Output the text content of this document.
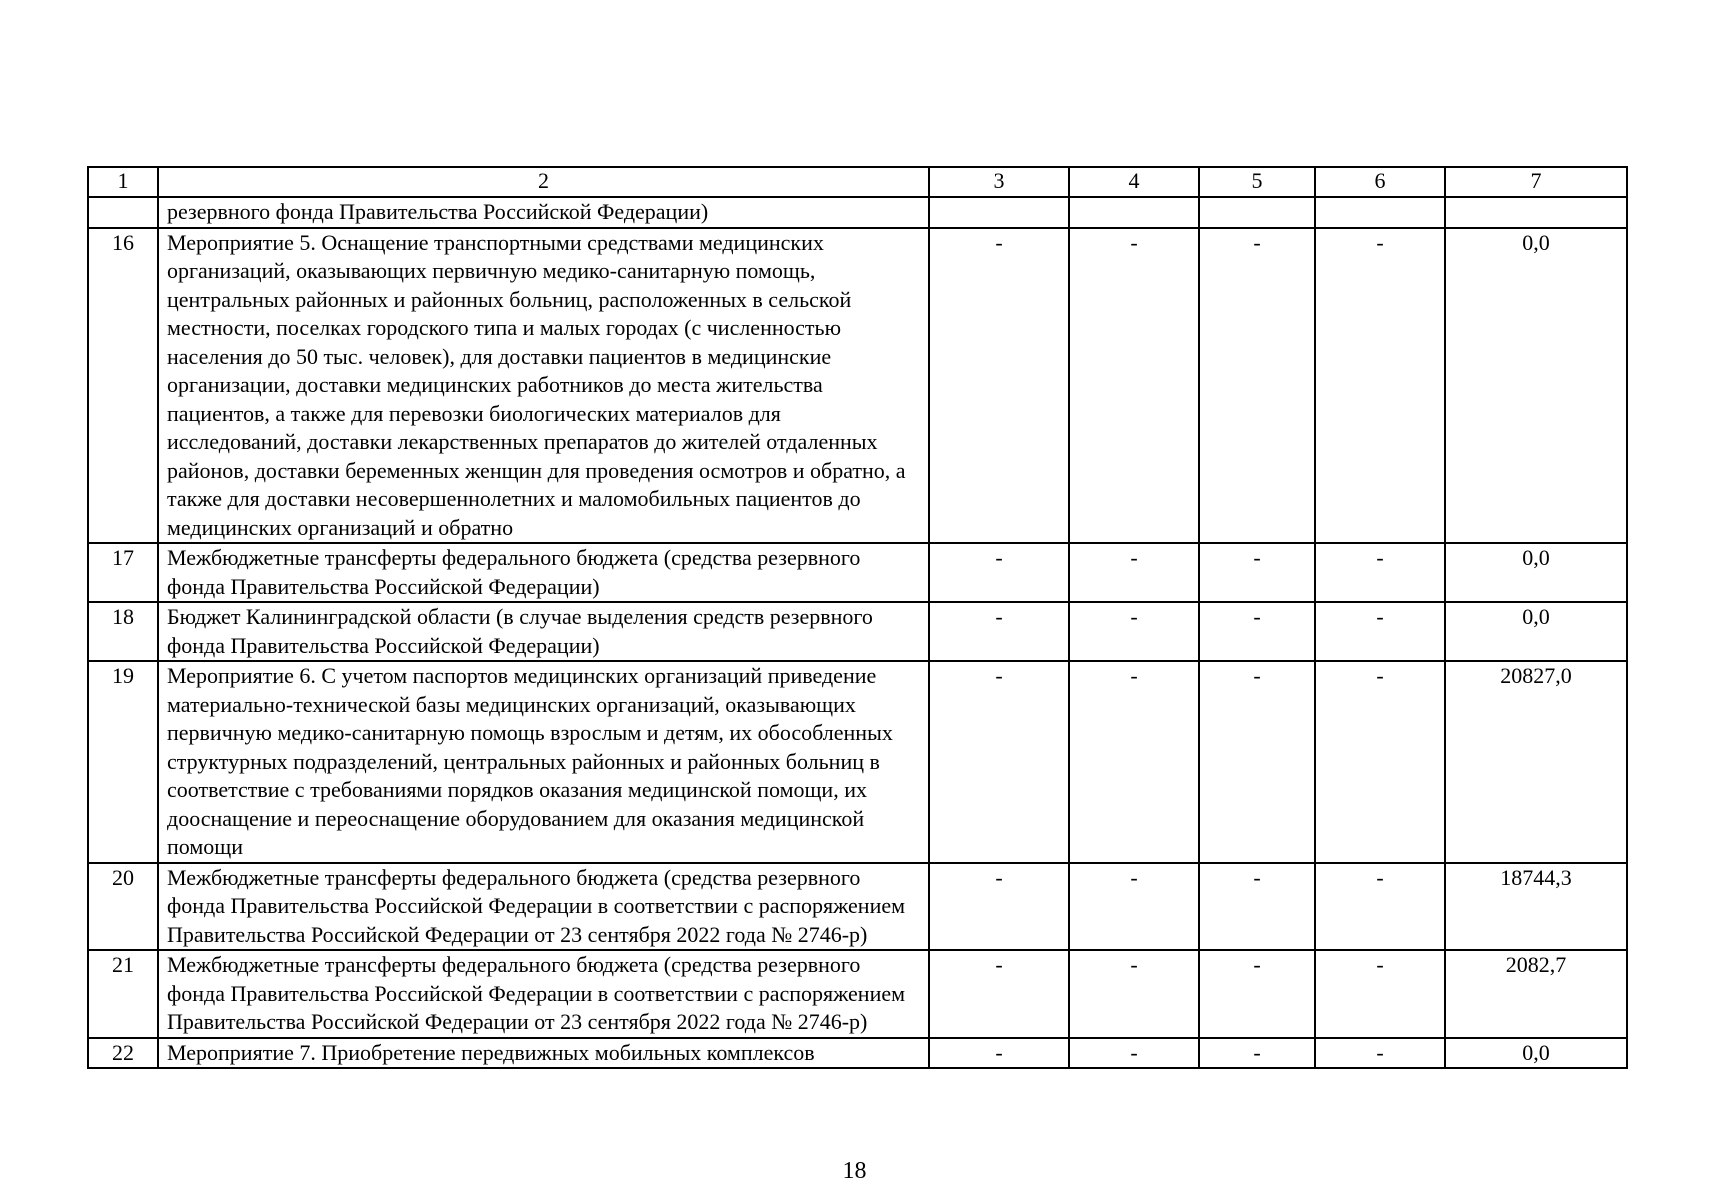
1	2	3	4	5	6	7
	резервного фонда Правительства Российской Федерации)					
16	Мероприятие 5. Оснащение транспортными средствами медицинских организаций, оказывающих первичную медико-санитарную помощь, центральных районных и районных больниц, расположенных в сельской местности, поселках городского типа и малых городах (с численностью населения до 50 тыс. человек), для доставки пациентов в медицинские организации, доставки медицинских работников до места жительства пациентов, а также для перевозки биологических материалов для исследований, доставки лекарственных препаратов до жителей отдаленных районов, доставки беременных женщин для проведения осмотров и обратно, а также для доставки несовершеннолетних и маломобильных пациентов до медицинских организаций и обратно	-	-	-	-	0,0
17	Межбюджетные трансферты федерального бюджета (средства резервного фонда Правительства Российской Федерации)	-	-	-	-	0,0
18	Бюджет Калининградской области (в случае выделения средств резервного фонда Правительства Российской Федерации)	-	-	-	-	0,0
19	Мероприятие 6. С учетом паспортов медицинских организаций приведение материально-технической базы медицинских организаций, оказывающих первичную медико-санитарную помощь взрослым и детям, их обособленных структурных подразделений, центральных районных и районных больниц в соответствие с требованиями порядков оказания медицинской помощи, их дооснащение и переоснащение оборудованием для оказания медицинской помощи	-	-	-	-	20827,0
20	Межбюджетные трансферты федерального бюджета (средства резервного фонда Правительства Российской Федерации в соответствии с распоряжением Правительства Российской Федерации от 23 сентября 2022 года № 2746-р)	-	-	-	-	18744,3
21	Межбюджетные трансферты федерального бюджета (средства резервного фонда Правительства Российской Федерации в соответствии с распоряжением Правительства Российской Федерации от 23 сентября 2022 года № 2746-р)	-	-	-	-	2082,7
22	Мероприятие 7. Приобретение передвижных мобильных комплексов	-	-	-	-	0,0
18
